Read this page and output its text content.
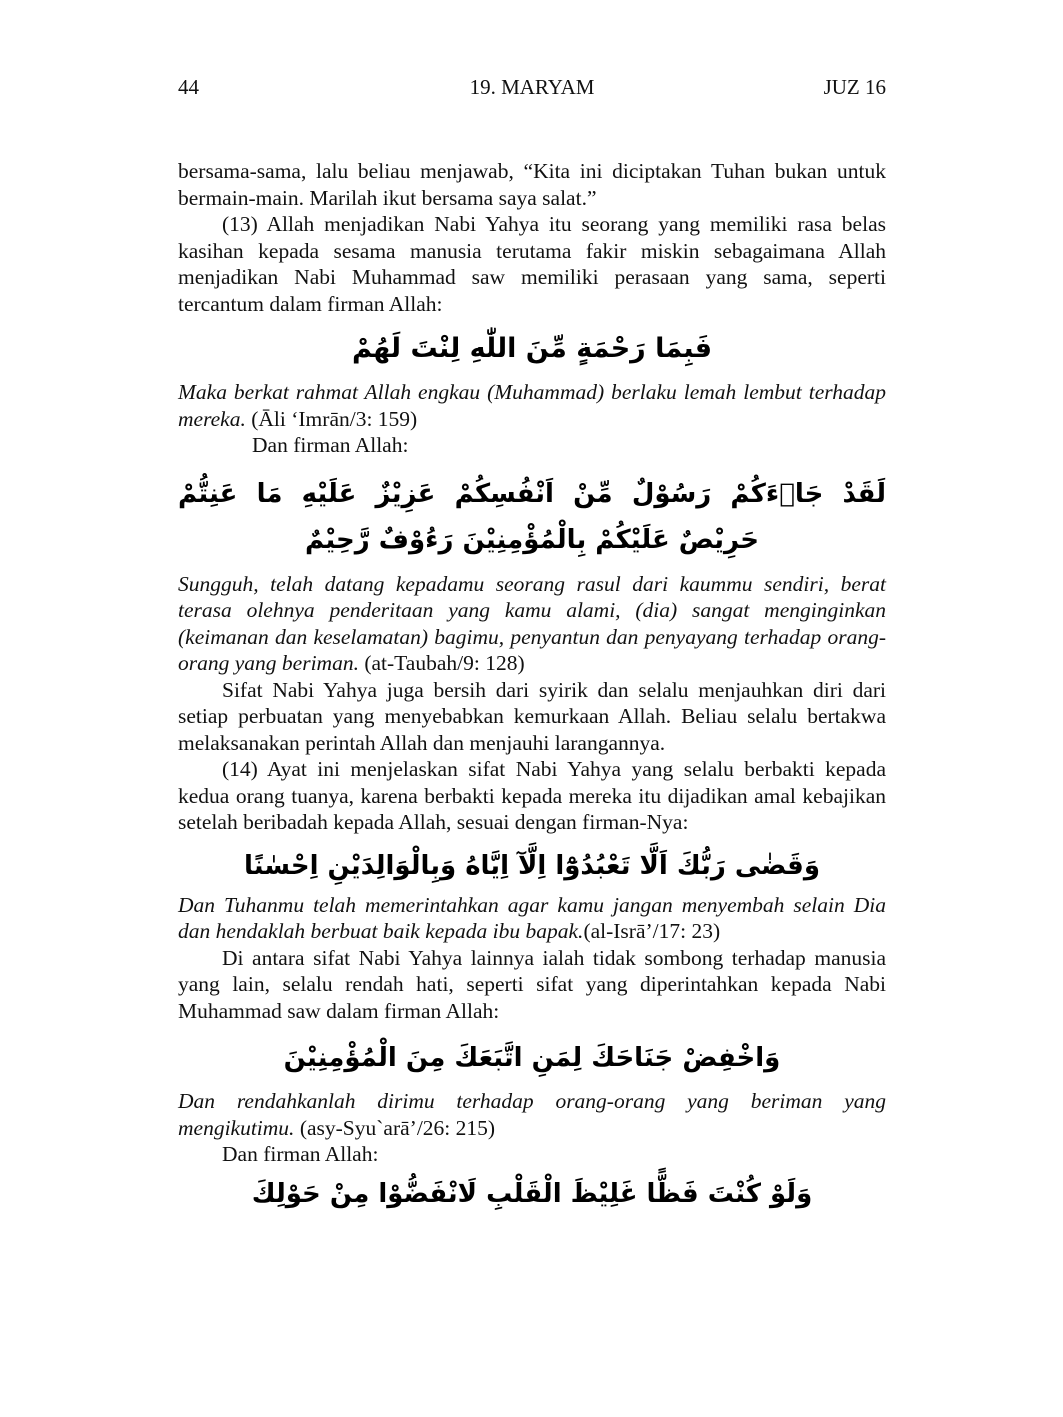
44	19. MARYAM	JUZ 16

bersama-sama, lalu beliau menjawab, “Kita ini diciptakan Tuhan bukan untuk bermain-main. Marilah ikut bersama saya salat.”

(13) Allah menjadikan Nabi Yahya itu seorang yang memiliki rasa belas kasihan kepada sesama manusia terutama fakir miskin sebagaimana Allah menjadikan Nabi Muhammad saw memiliki perasaan yang sama, seperti tercantum dalam firman Allah:

فَبِمَا رَحْمَةٍ مِّنَ اللّٰهِ لِنْتَ لَهُمْ

Maka berkat rahmat Allah engkau (Muhammad) berlaku lemah lembut terhadap mereka. (Āli ‘Imrān/3: 159)

Dan firman Allah:

لَقَدْ جَاۤءَكُمْ رَسُوْلٌ مِّنْ اَنْفُسِكُمْ عَزِيْزٌ عَلَيْهِ مَا عَنِتُّمْ حَرِيْصٌ عَلَيْكُمْ بِالْمُؤْمِنِيْنَ رَءُوْفٌ رَّحِيْمٌ

Sungguh, telah datang kepadamu seorang rasul dari kaummu sendiri, berat terasa olehnya penderitaan yang kamu alami, (dia) sangat menginginkan (keimanan dan keselamatan) bagimu, penyantun dan penyayang terhadap orang-orang yang beriman. (at-Taubah/9: 128)

Sifat Nabi Yahya juga bersih dari syirik dan selalu menjauhkan diri dari setiap perbuatan yang menyebabkan kemurkaan Allah. Beliau selalu bertakwa melaksanakan perintah Allah dan menjauhi larangannya.

(14) Ayat ini menjelaskan sifat Nabi Yahya yang selalu berbakti kepada kedua orang tuanya, karena berbakti kepada mereka itu dijadikan amal kebajikan setelah beribadah kepada Allah, sesuai dengan firman-Nya:

وَقَضٰى رَبُّكَ اَلَّا تَعْبُدُوْٓا اِلَّآ اِيَّاهُ وَبِالْوَالِدَيْنِ اِحْسٰنًا

Dan Tuhanmu telah memerintahkan agar kamu jangan menyembah selain Dia dan hendaklah berbuat baik kepada ibu bapak.(al-Isrā’/17: 23)

Di antara sifat Nabi Yahya lainnya ialah tidak sombong terhadap manusia yang lain, selalu rendah hati, seperti sifat yang diperintahkan kepada Nabi Muhammad saw dalam firman Allah:

وَاخْفِضْ جَنَاحَكَ لِمَنِ اتَّبَعَكَ مِنَ الْمُؤْمِنِيْنَ

Dan rendahkanlah dirimu terhadap orang-orang yang beriman yang mengikutimu. (asy-Syu`arā’/26: 215)

Dan firman Allah:

وَلَوْ كُنْتَ فَظًّا غَلِيْظَ الْقَلْبِ لَانْفَضُّوْا مِنْ حَوْلِكَ
